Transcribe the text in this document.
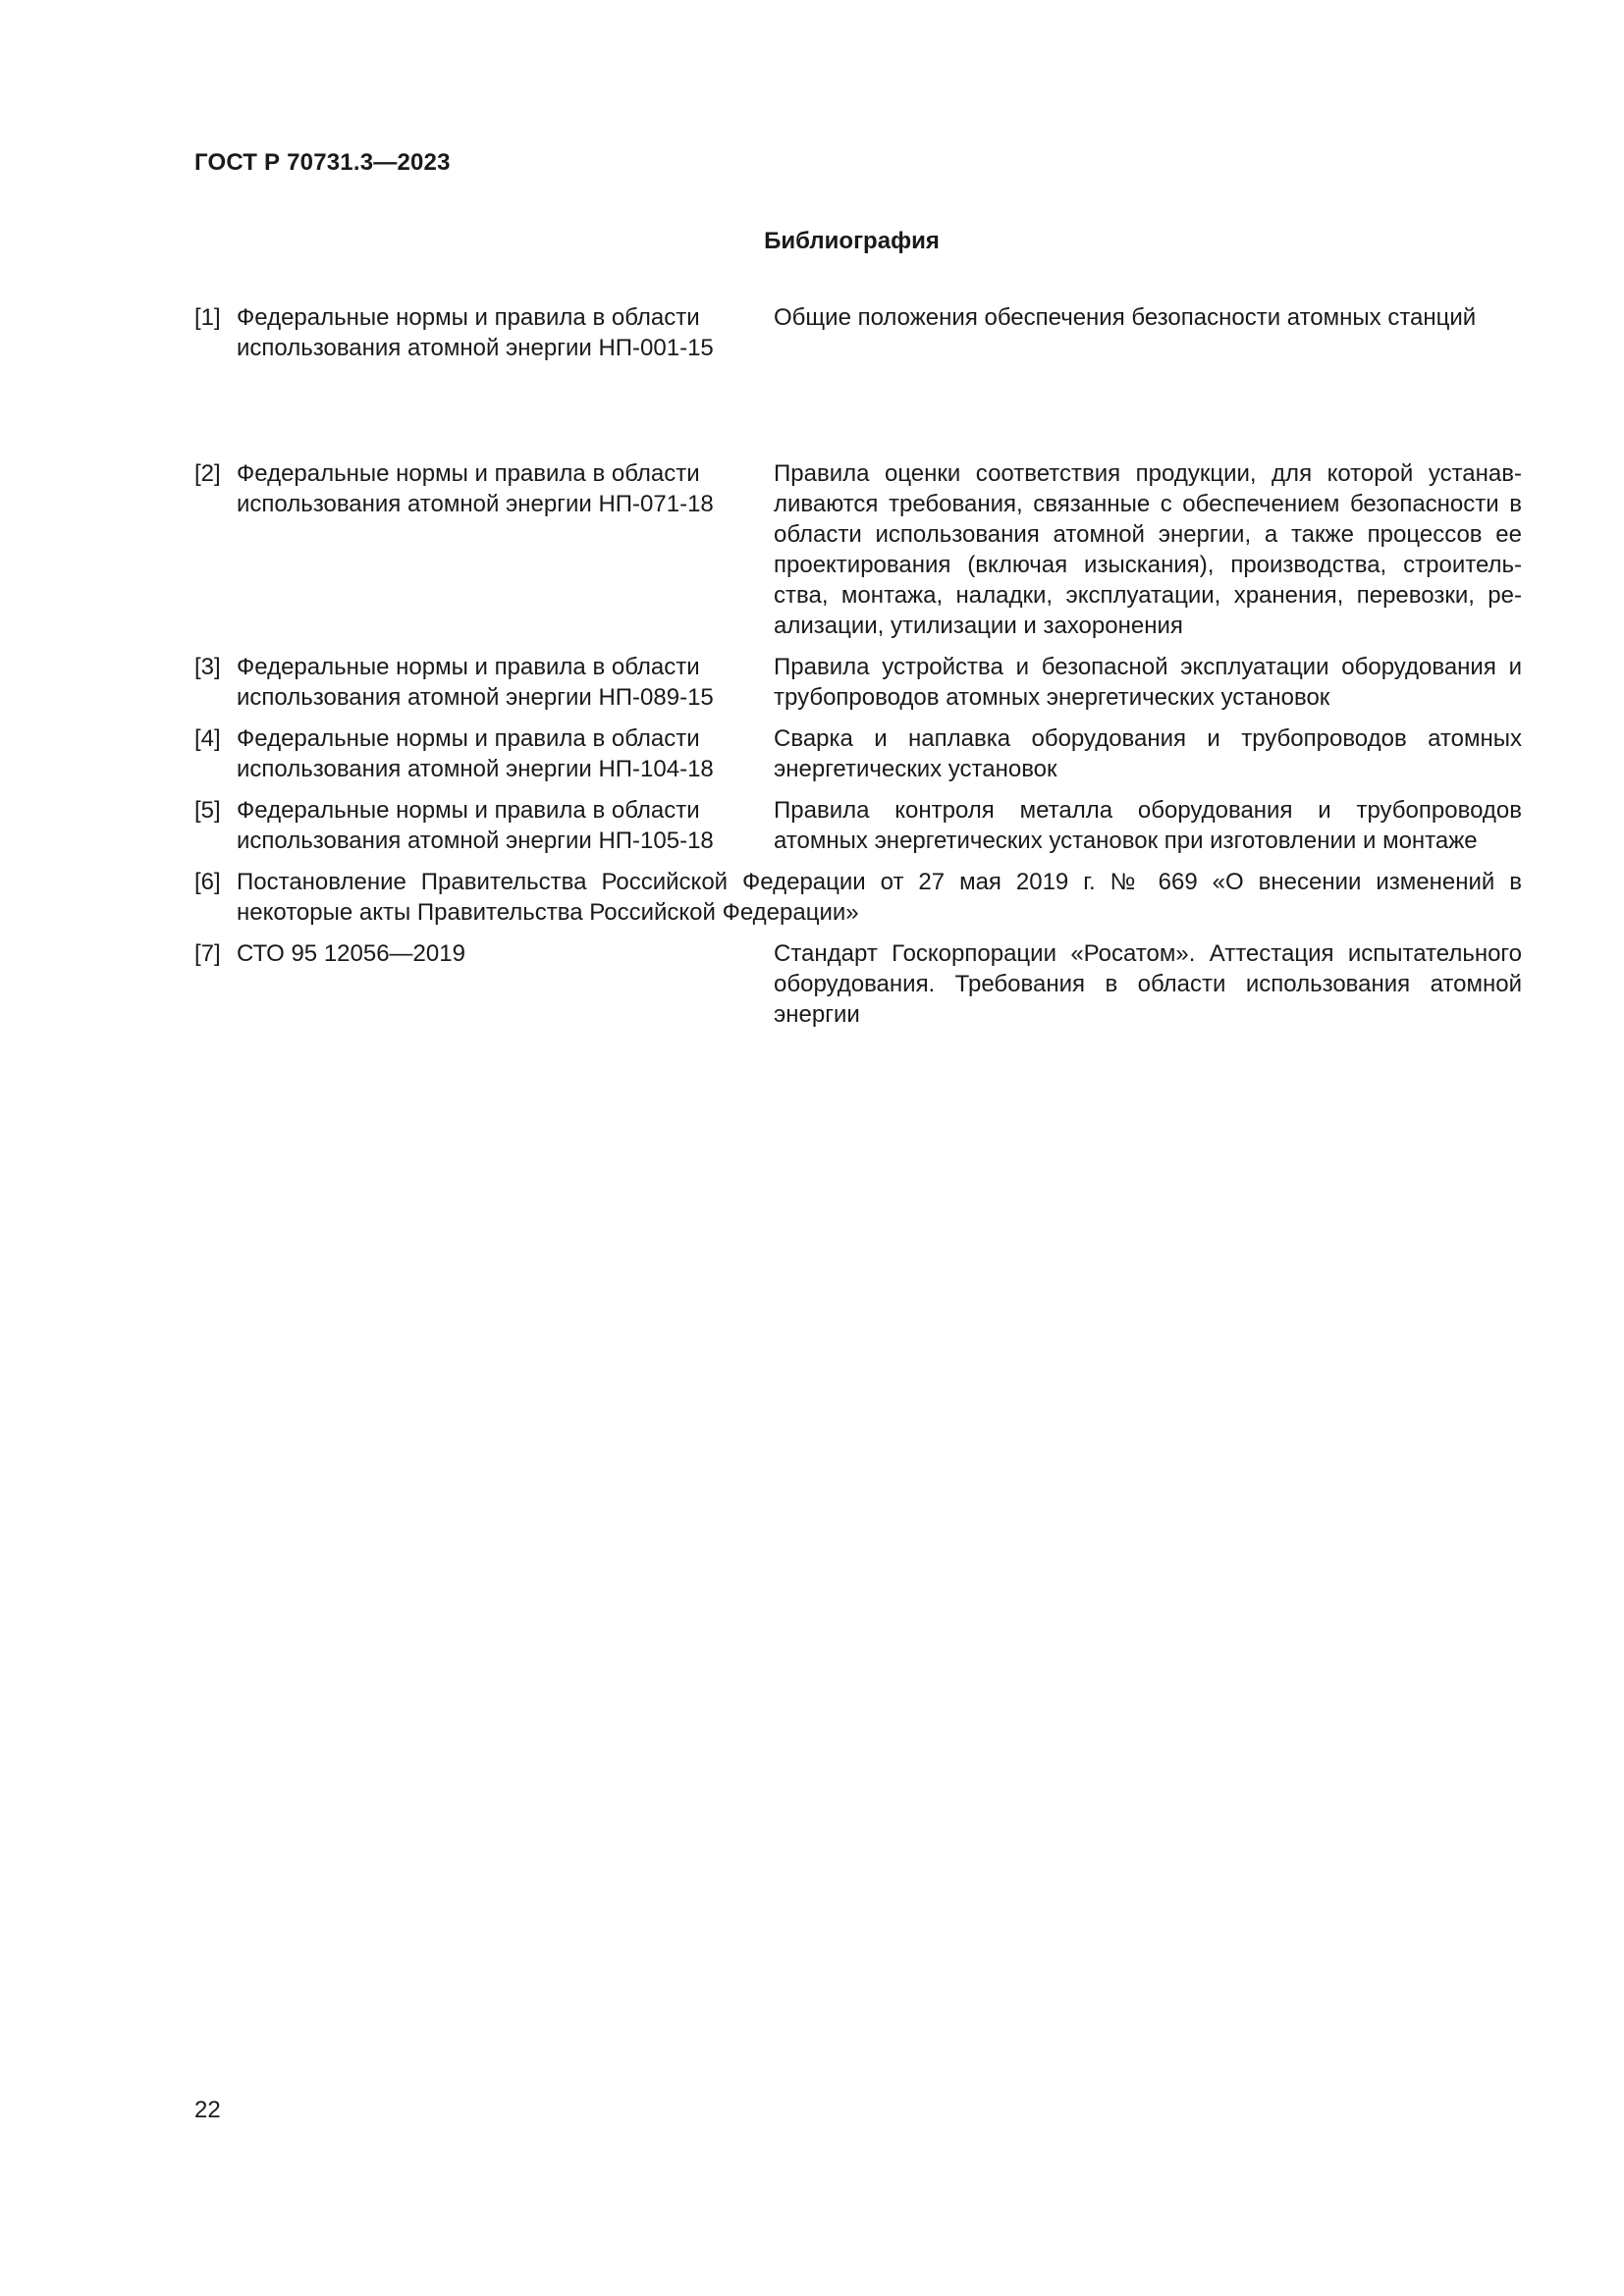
ГОСТ Р 70731.3—2023
Библиография
[1] Федеральные нормы и правила в области использования атомной энергии НП-001-15
Общие положения обеспечения безопасности атомных станций
[2] Федеральные нормы и правила в области использования атомной энергии НП-071-18
Правила оценки соответствия продукции, для которой устанавливаются требования, связанные с обеспечением безопасности в области использования атомной энергии, а также процессов ее проектирования (включая изыскания), производства, строительства, монтажа, наладки, эксплуатации, хранения, перевозки, реализации, утилизации и захоронения
[3] Федеральные нормы и правила в области использования атомной энергии НП-089-15
Правила устройства и безопасной эксплуатации оборудования и трубопроводов атомных энергетических установок
[4] Федеральные нормы и правила в области использования атомной энергии НП-104-18
Сварка и наплавка оборудования и трубопроводов атомных энергетических установок
[5] Федеральные нормы и правила в области использования атомной энергии НП-105-18
Правила контроля металла оборудования и трубопроводов атомных энергетических установок при изготовлении и монтаже
[6] Постановление Правительства Российской Федерации от 27 мая 2019 г. № 669 «О внесении изменений в некоторые акты Правительства Российской Федерации»
[7] СТО 95 12056—2019	Стандарт Госкорпорации «Росатом». Аттестация испытательного оборудования. Требования в области использования атомной энергии
22
